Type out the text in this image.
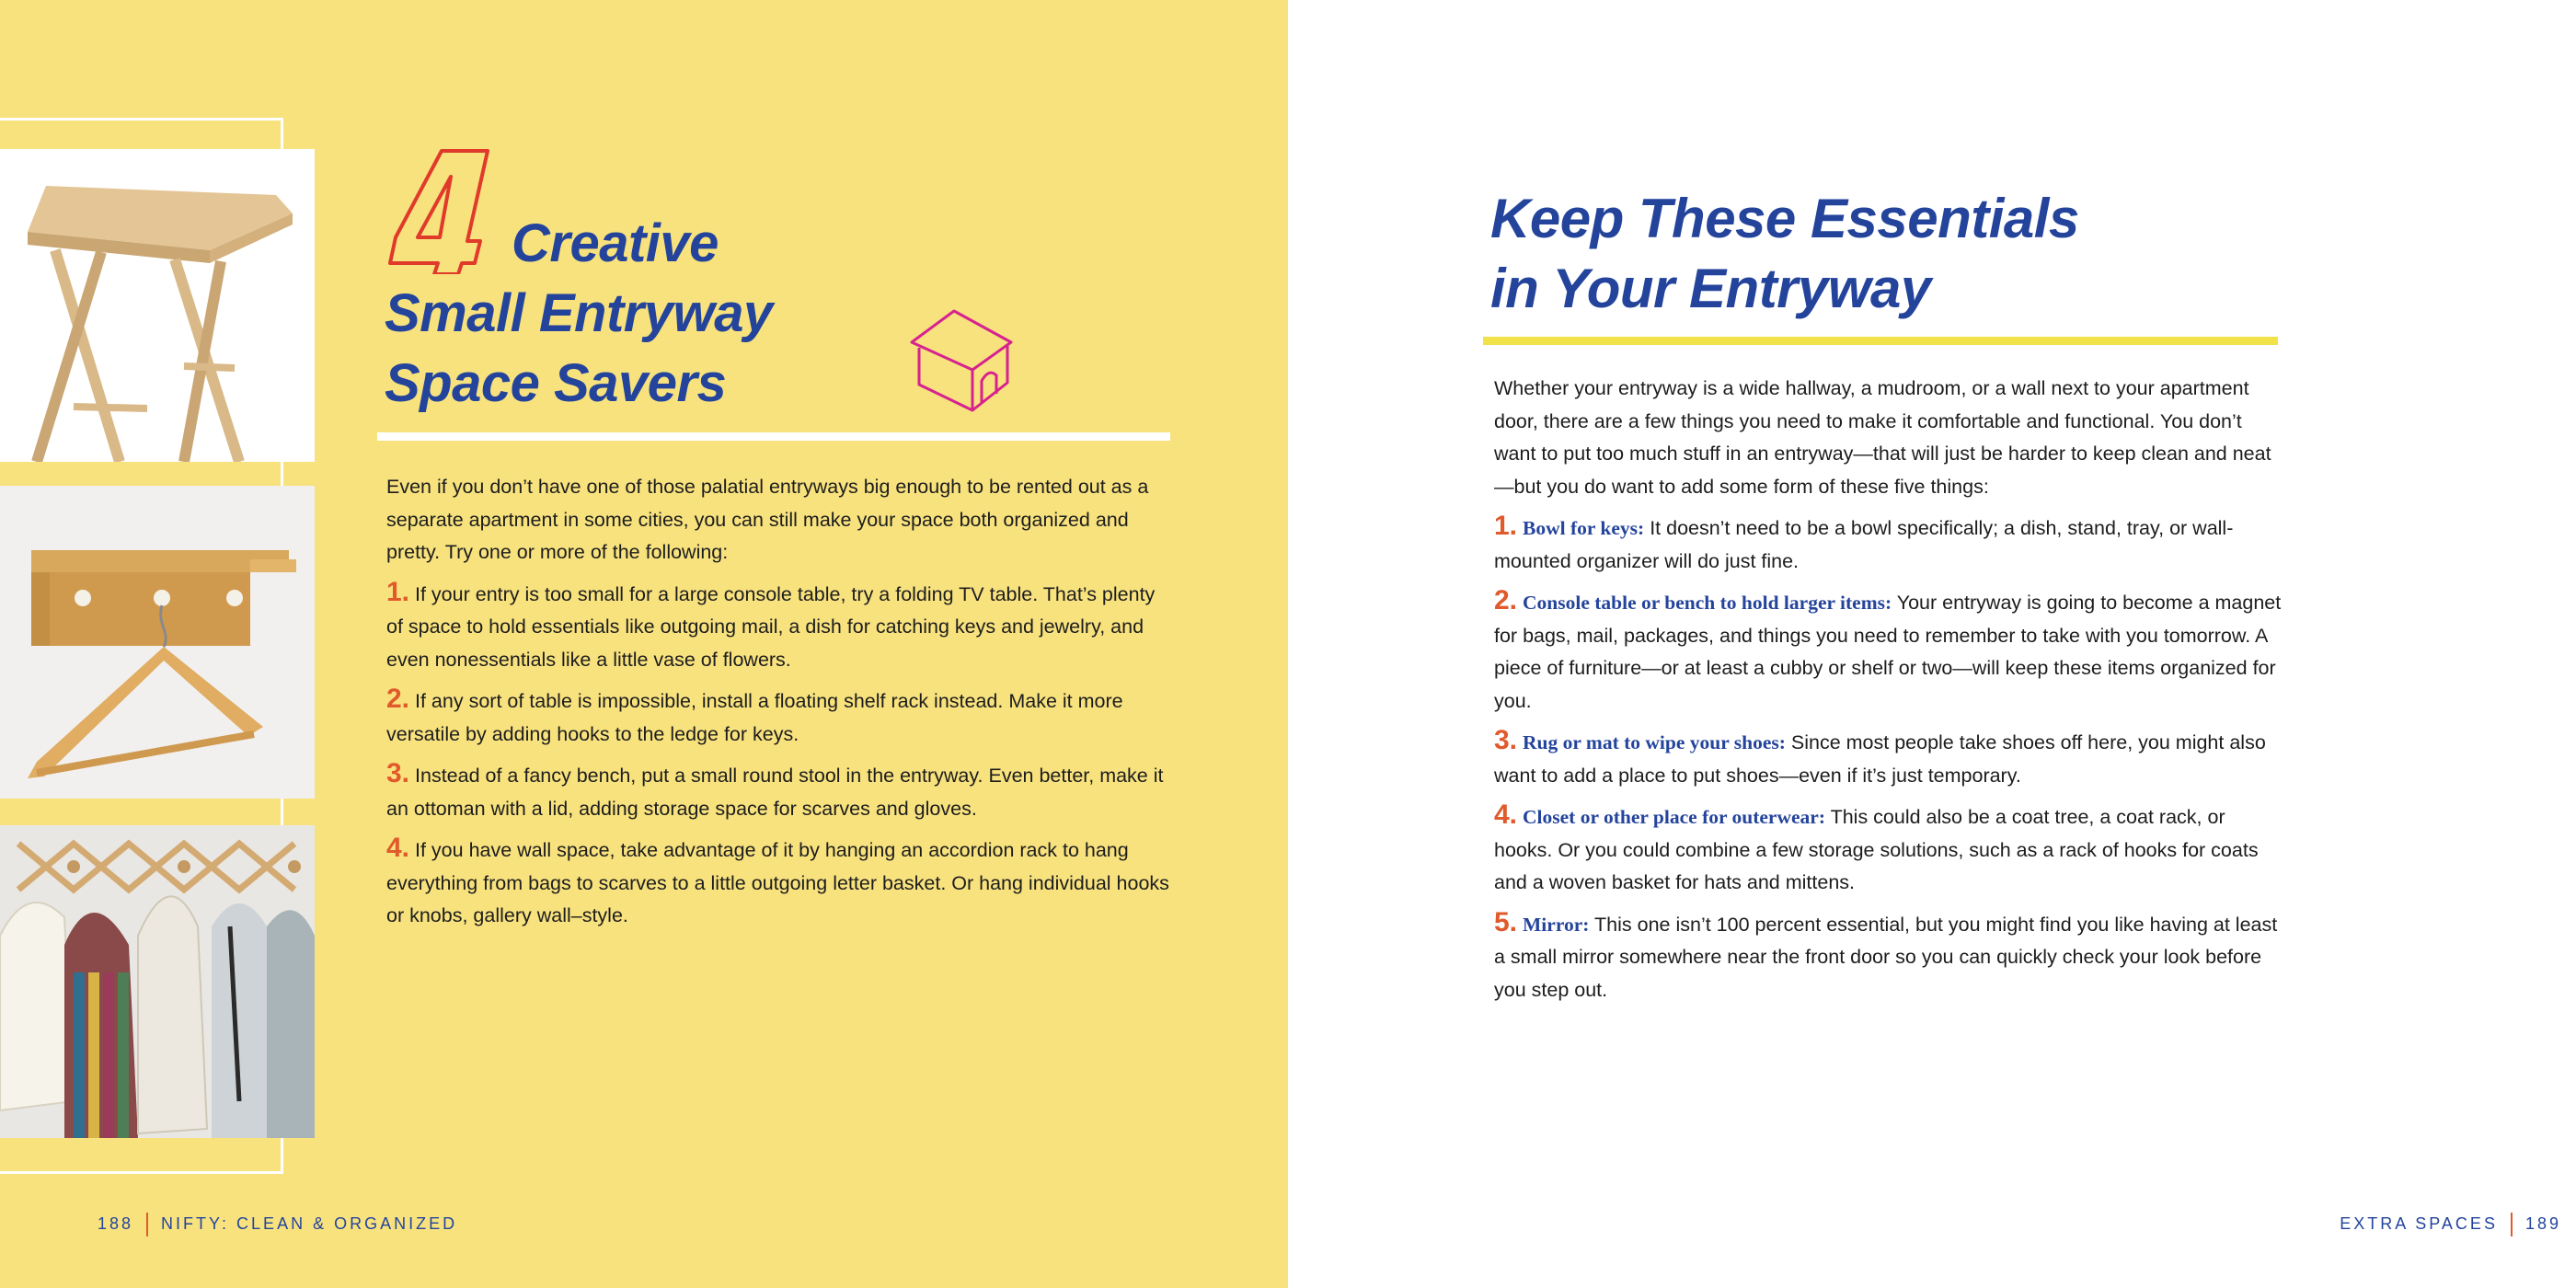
Creative
Small Entryway
Space Savers

Even if you don’t have one of those palatial entryways big enough to be rented out as a separate apartment in some cities, you can still make your space both organized and pretty. Try one or more of the following:

1. If your entry is too small for a large console table, try a folding TV table. That’s plenty of space to hold essentials like outgoing mail, a dish for catching keys and jewelry, and even nonessentials like a little vase of flowers.

2. If any sort of table is impossible, install a floating shelf rack instead. Make it more versatile by adding hooks to the ledge for keys.

3. Instead of a fancy bench, put a small round stool in the entryway. Even better, make it an ottoman with a lid, adding storage space for scarves and gloves.

4. If you have wall space, take advantage of it by hanging an accordion rack to hang everything from bags to scarves to a little outgoing letter basket. Or hang individual hooks or knobs, gallery wall–style.

188 NIFTY: CLEAN & ORGANIZED
Keep These Essentials
in Your Entryway

Whether your entryway is a wide hallway, a mudroom, or a wall next to your apartment door, there are a few things you need to make it comfortable and functional. You don’t want to put too much stuff in an entryway—that will just be harder to keep clean and neat—but you do want to add some form of these five things:

1. Bowl for keys: It doesn’t need to be a bowl specifically; a dish, stand, tray, or wall-mounted organizer will do just fine.

2. Console table or bench to hold larger items: Your entryway is going to become a magnet for bags, mail, packages, and things you need to remember to take with you tomorrow. A piece of furniture—or at least a cubby or shelf or two—will keep these items organized for you.

3. Rug or mat to wipe your shoes: Since most people take shoes off here, you might also want to add a place to put shoes—even if it’s just temporary.

4. Closet or other place for outerwear: This could also be a coat tree, a coat rack, or hooks. Or you could combine a few storage solutions, such as a rack of hooks for coats and a woven basket for hats and mittens.

5. Mirror: This one isn’t 100 percent essential, but you might find you like having at least a small mirror somewhere near the front door so you can quickly check your look before you step out.

EXTRA SPACES 189
